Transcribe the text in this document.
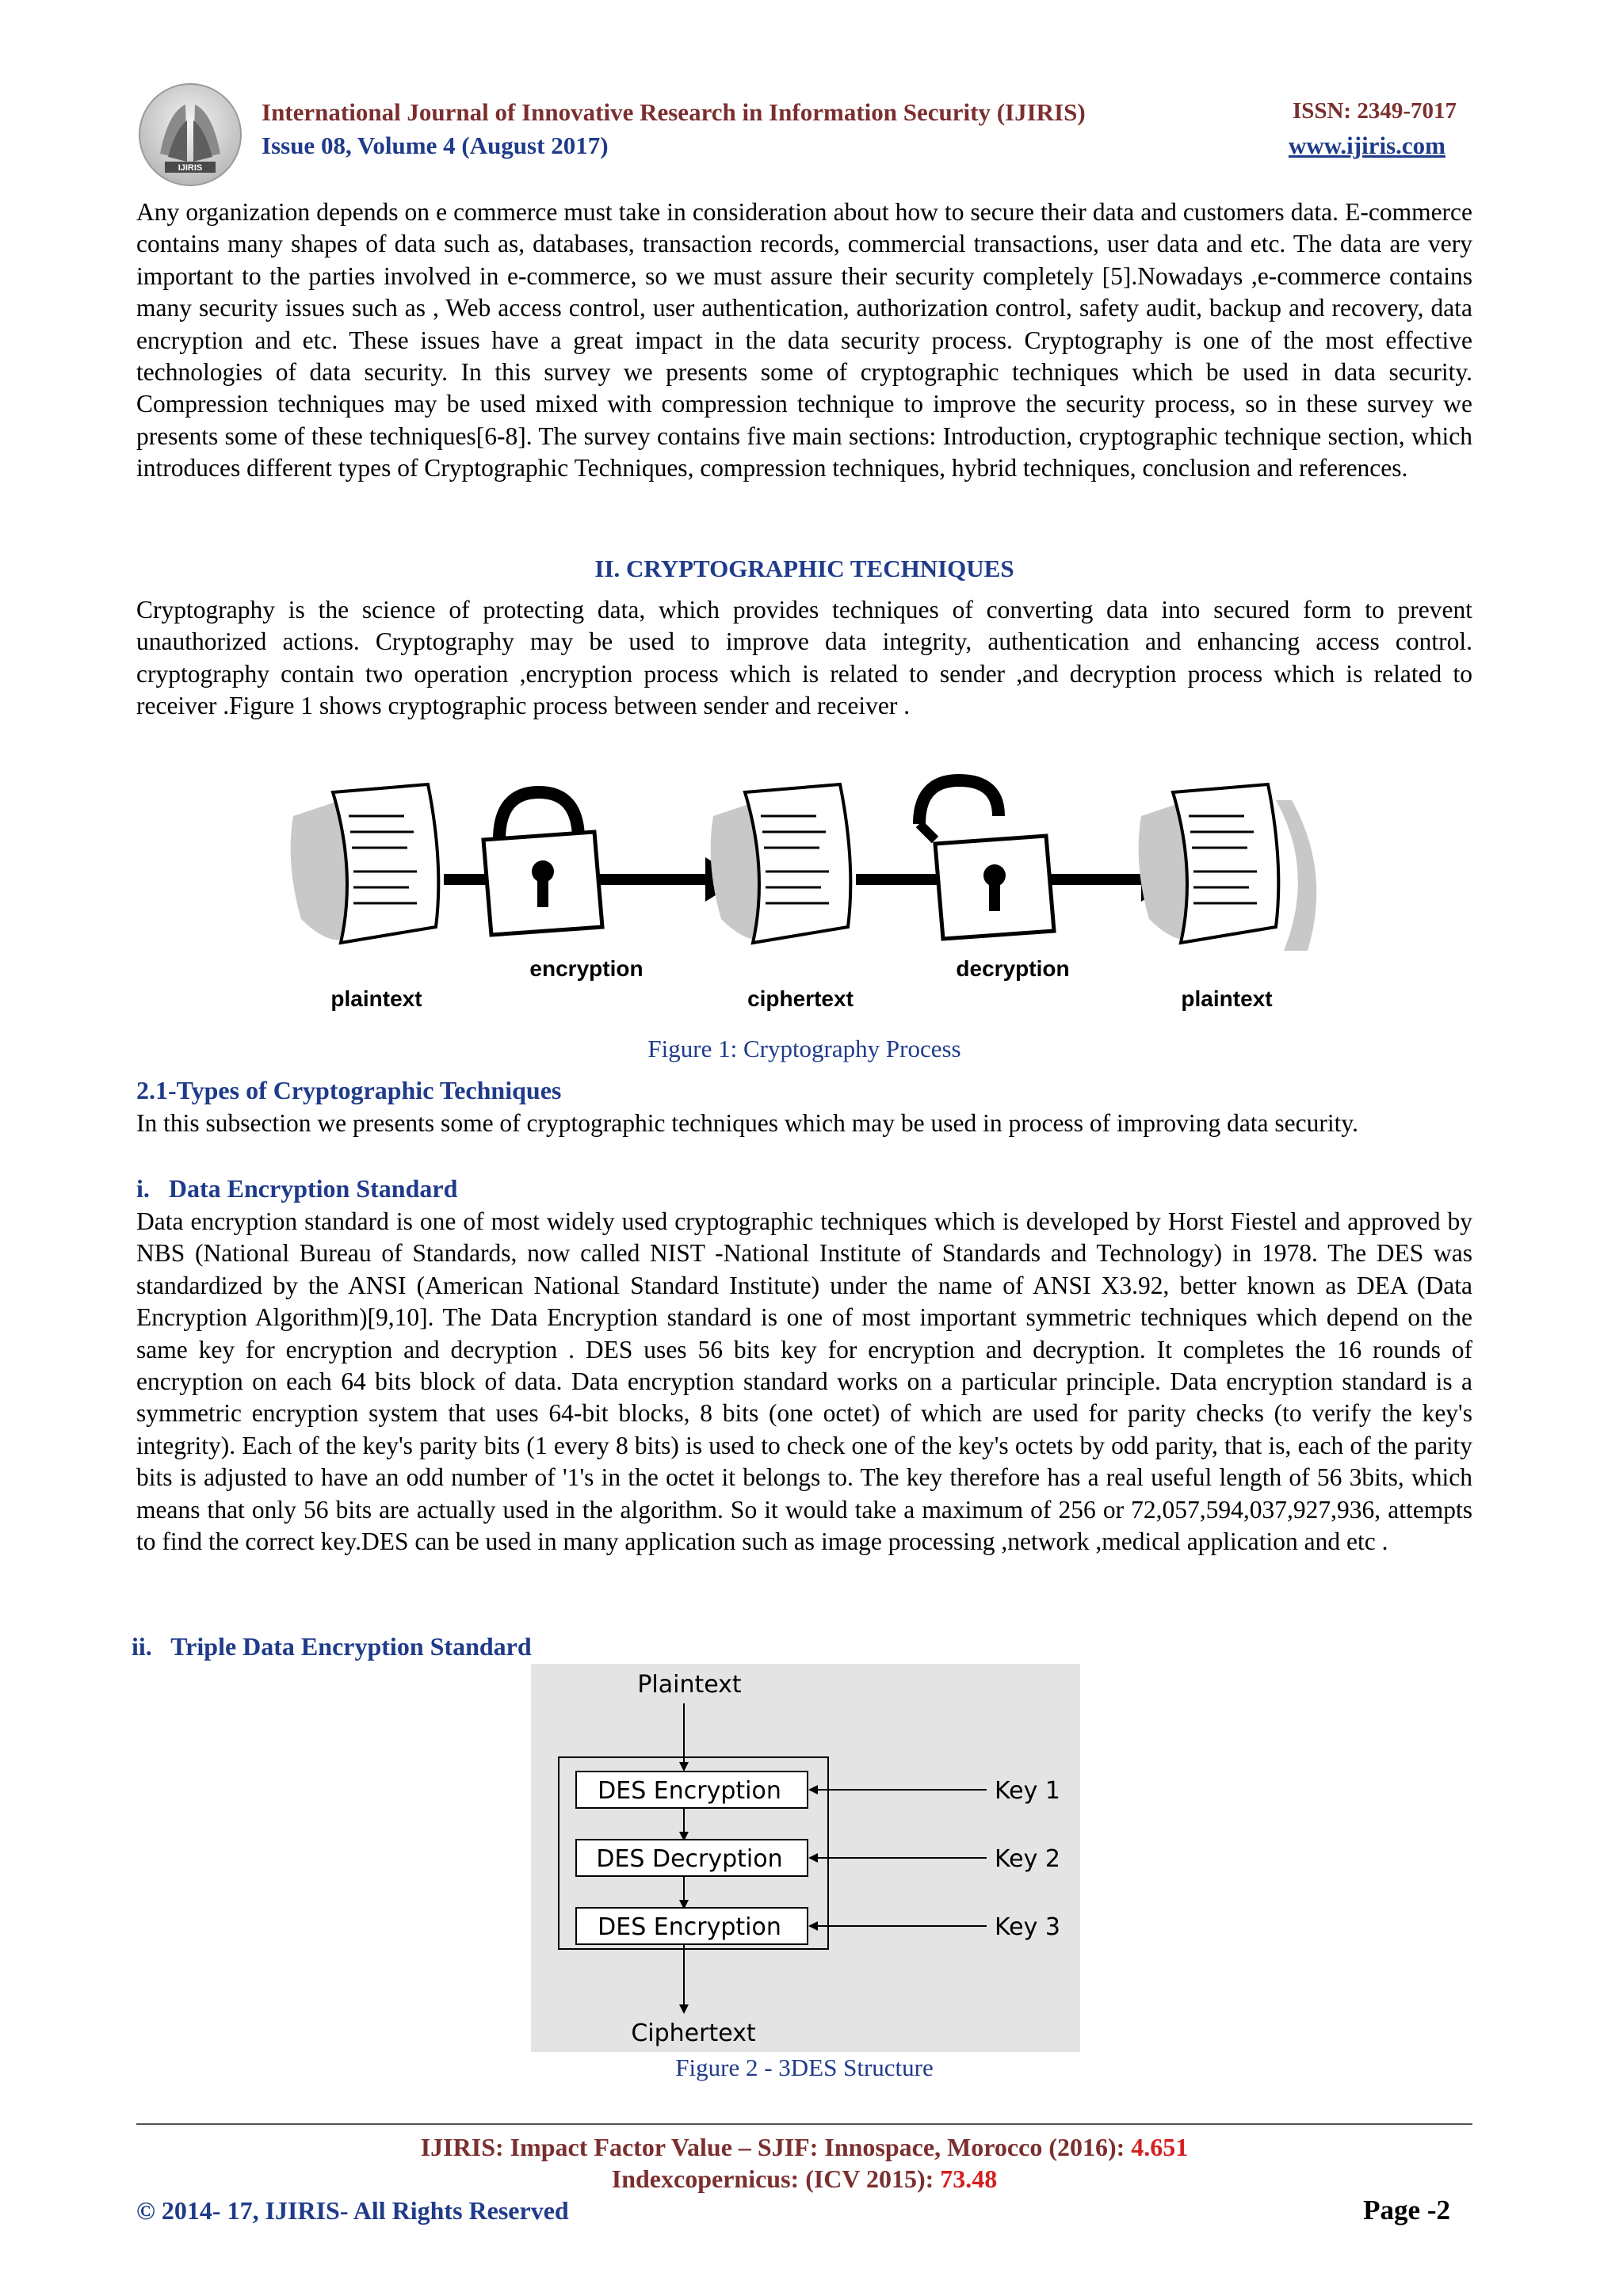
IJIRIS
International Journal of Innovative Research in Information Security (IJIRIS)
Issue 08, Volume 4 (August 2017)
ISSN: 2349-7017
www.ijiris.com
Any organization depends on e commerce must take in consideration about how to secure their data and customers data. E-commerce contains many shapes of data such as, databases, transaction records, commercial transactions, user data and etc. The data are very important to the parties involved in e-commerce, so we must assure their security completely [5].Nowadays ,e-commerce contains many security issues such as , Web access control, user authentication, authorization control, safety audit, backup and recovery, data encryption and etc. These issues have a great impact in the data security process. Cryptography is one of the most effective technologies of data security. In this survey we presents some of cryptographic techniques which be used in data security. Compression techniques may be used mixed with compression technique to improve the security process, so in these survey we presents some of these techniques[6-8]. The survey contains five main sections: Introduction, cryptographic technique section, which introduces different types of Cryptographic Techniques, compression techniques, hybrid techniques, conclusion and references.
II. CRYPTOGRAPHIC TECHNIQUES
Cryptography is the science of protecting data, which provides techniques of converting data into secured form to prevent unauthorized actions. Cryptography may be used to improve data integrity, authentication and enhancing access control. cryptography contain two operation ,encryption process which is related to sender ,and decryption process which is related to receiver .Figure 1 shows cryptographic process between sender and receiver .
plaintext
encryption
ciphertext
decryption
plaintext
Figure 1: Cryptography Process
2.1-Types of Cryptographic Techniques
In this subsection we presents some of cryptographic techniques which may be used in process of improving data security.
i. Data Encryption Standard
Data encryption standard is one of most widely used cryptographic techniques which is developed by Horst Fiestel and approved by NBS (National Bureau of Standards, now called NIST -National Institute of Standards and Technology) in 1978. The DES was standardized by the ANSI (American National Standard Institute) under the name of ANSI X3.92, better known as DEA (Data Encryption Algorithm)[9,10]. The Data Encryption standard is one of most important symmetric techniques which depend on the same key for encryption and decryption . DES uses 56 bits key for encryption and decryption. It completes the 16 rounds of encryption on each 64 bits block of data. Data encryption standard works on a particular principle. Data encryption standard is a symmetric encryption system that uses 64-bit blocks, 8 bits (one octet) of which are used for parity checks (to verify the key's integrity). Each of the key's parity bits (1 every 8 bits) is used to check one of the key's octets by odd parity, that is, each of the parity bits is adjusted to have an odd number of '1's in the octet it belongs to. The key therefore has a real useful length of 56 3bits, which means that only 56 bits are actually used in the algorithm. So it would take a maximum of 256 or 72,057,594,037,927,936, attempts to find the correct key.DES can be used in many application such as image processing ,network ,medical application and etc .
ii. Triple Data Encryption Standard
Plaintext
DES Encryption
DES Decryption
DES Encryption
Key 1
Key 2
Key 3
Ciphertext
Figure 2 - 3DES Structure
IJIRIS: Impact Factor Value – SJIF: Innospace, Morocco (2016): 4.651
Indexcopernicus: (ICV 2015): 73.48
© 2014- 17, IJIRIS- All Rights Reserved	Page -2
